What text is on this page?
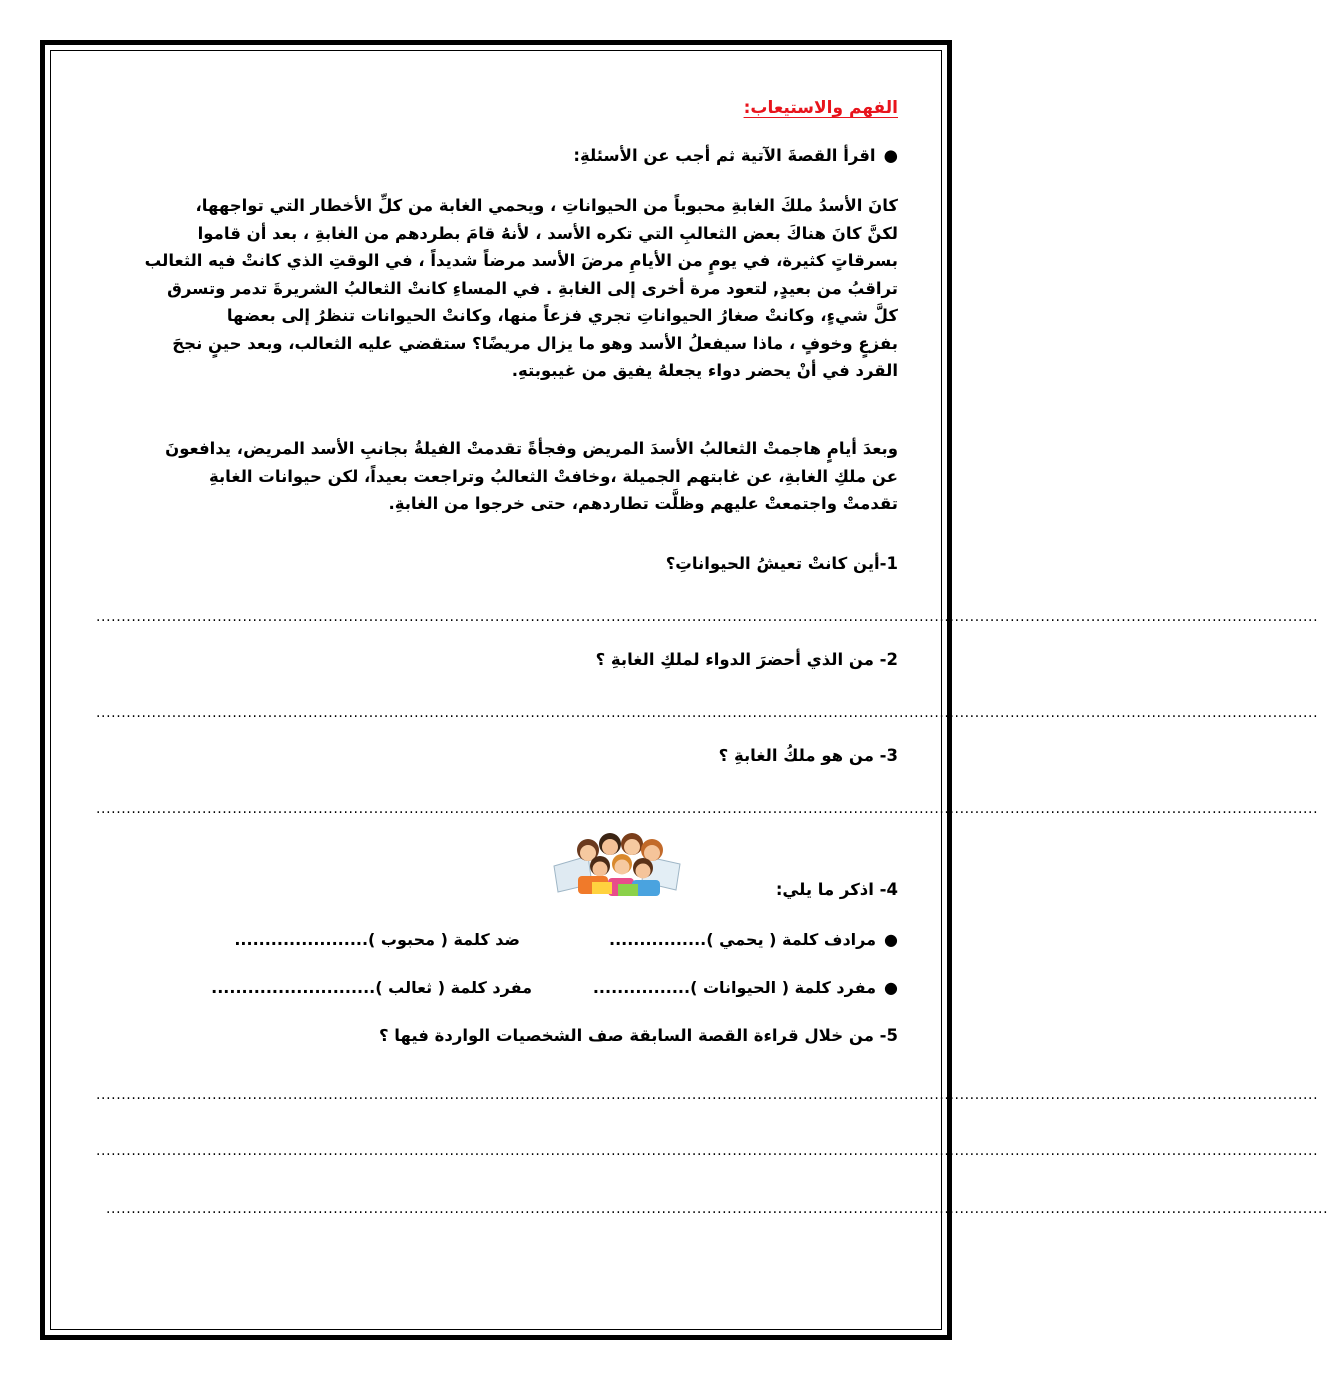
الفهم والاستيعاب:
●اقرأ القصةَ الآتية ثم أجب عن الأسئلةِ:
كانَ الأسدُ ملكَ الغابةِ محبوباً من الحيواناتِ ، ويحمي الغابة من كلِّ الأخطار التي تواجهها،
لكنَّ كانَ هناكَ بعض الثعالبِ التي تكره الأسد ، لأنهُ قامَ بطردهم من الغابةِ ، بعد أن قاموا
بسرقاتٍ كثيرة، في يومٍ من الأيامِ مرضَ الأسد مرضاً شديداً ، في الوقتِ الذي كانتْ فيه الثعالب
تراقبُ من بعيدٍ, لتعود مرة أخرى إلى الغابةِ . في المساءِ كانتْ الثعالبُ الشريرةَ تدمر وتسرق
كلَّ شيءٍ، وكانتْ صغارُ الحيواناتِ تجري فزعاً منها، وكانتْ الحيوانات تنظرُ إلى بعضها
بفزعٍ وخوفٍ ، ماذا سيفعلُ الأسد وهو ما يزال مريضًا؟ ستقضي عليه الثعالب، وبعد حينٍ نجحَ
القرد في أنْ يحضر دواء يجعلهُ يفيق من غيبوبتهِ.
وبعدَ أيامٍ هاجمتْ الثعالبُ الأسدَ المريض وفجأةً تقدمتْ الفيلةُ بجانبِ الأسد المريض، يدافعونَ
عن ملكِ الغابةِ، عن غابتهم الجميلة ،وخافتْ الثعالبُ وتراجعت بعيداً، لكن حيوانات الغابةِ
تقدمتْ واجتمعتْ عليهم وظلَّت تطاردهم، حتى خرجوا من الغابةِ.
1-أين كانتْ تعيشُ الحيواناتِ؟
..................................................................................................................................................................................................................................................
2- من الذي أحضرَ الدواء لملكِ الغابةِ ؟
..................................................................................................................................................................................................................................................
3- من هو ملكُ الغابةِ ؟
..................................................................................................................................................................................................................................................
4- اذكر ما يلي:
●
مرادف كلمة ( يحمي )................
ضد كلمة ( محبوب )......................
●
مفرد كلمة ( الحيوانات )................
مفرد كلمة ( ثعالب )...........................
5- من خلال قراءة القصة السابقة صف الشخصيات الواردة فيها ؟
..................................................................................................................................................................................................................................................
..................................................................................................................................................................................................................................................
..................................................................................................................................................................................................................................................
